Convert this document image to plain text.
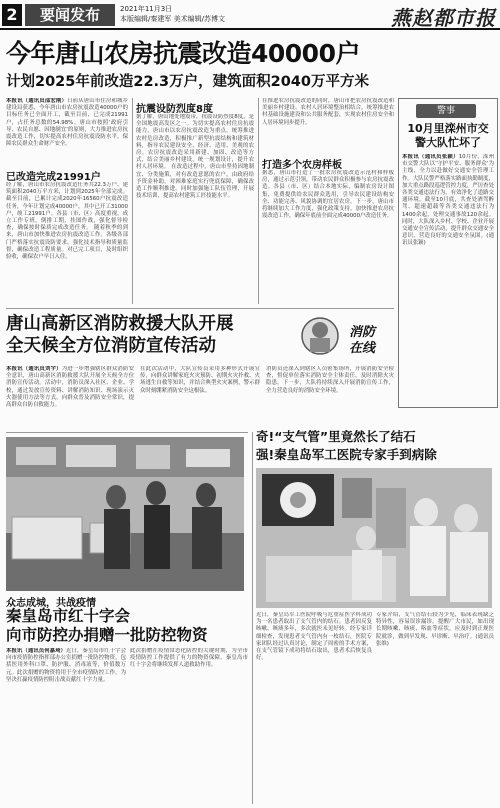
2	要闻发布	2021年11月3日
本版编辑/秦建军 美术编辑/苏博文	燕赵都市报
今年唐山农房抗震改造40000户
计划2025年前改造22.3万户，建筑面积2040万平方米
本报讯（通讯员邵宏刚）日前从唐山市住房和城乡建设局获悉，今年唐山市农房抗震改造40000户的目标任务已全面开工，截至目前，已完成21991户，占任务总数的54.98%。唐山市按照‘政府引导、农民自愿、因地制宜’的原则，大力推进农房抗震改造工作，切实提高农村住房抗震设防水平，保障农民群众生命财产安全。
已改造完成21991户
经了解，唐山市农房抗震改造任务共22.3万户，建筑面积2040万平方米，计划到2025年全部完成。截至目前，已累计完成2020年16560户抗震改造任务，今年计划完成40000户，其中已开工31000户，竣工21991户。各县（市、区）高度重视，成立工作专班，倒排工期，挂图作战，强化督导检查，确保按时保质完成改造任务。 随着秋季的到来，唐山市加快推进农房抗震改造工作。各级各部门严格落实抗震设防要求，强化技术指导和质量监督，确保改造工程质量。对已完工项目，及时组织验收，确保农户早日入住。
抗震设防烈度8度
据了解，唐山地处地震带，抗震设防烈度8度，是全国地震高发区之一。为切实提高农村住房抗震能力，唐山市以农房抗震改造为重点，统筹推进农村危房改造，积极推广新型抗震结构和建筑材料，指导农民建设安全、经济、适用、美观的农房。农房抗震改造采用新建、加固、改造等方式，结合美丽乡村建设，统一规划设计，提升农村人居环境。 在改造过程中，唐山市坚持因地制宜、分类施策，对有改造意愿的农户，由政府给予资金补助，对困难家庭实行兜底保障，确保改造工作顺利推进。同时加强施工队伍管理，开展技术培训，提高农村建筑工匠技能水平。
在推进农房抗震改造的同时，唐山市把农房抗震改造和美丽乡村建设、农村人居环境整治相结合，统筹推进农村基础设施建设和公共服务配套，实现农村住房安全和人居环境同步提升。
打造多个农房样板
据悉，唐山市打造了一批农房抗震改造示范村和样板房，通过示范引领，带动农民群众积极参与农房抗震改造。各县（市、区）结合本地实际，编制农房设计图集，免费提供给农民群众选用，引导农民建设结构安全、功能完善、风貌协调的宜居农房。下一步，唐山市将继续加大工作力度，强化政策支持，加快推进农房抗震改造工作，确保年底前全面完成40000户改造任务。
警事
10月里滦州市交警大队忙坏了
本报讯（通讯员张颖）10月份，滦州市交警大队以‘守护平安、服务群众’为主线，全力以赴做好交通安全管理工作。大队民警严格落实路面执勤制度，加大重点路段巡逻管控力度，严厉查处各类交通违法行为，有效净化了道路交通环境。截至10月底，共查处酒驾醉驾、超速超载等各类交通违法行为1400余起，处理交通事故120余起。同时，大队深入乡村、学校、企业开展交通安全宣传活动，提升群众交通安全意识，营造良好的交通安全氛围。(通讯员张颖)
唐山高新区消防救援大队开展
全天候全方位消防宣传活动
消防
在线
本报讯（通讯员刘宇）为进一步增强辖区群众消防安全意识，唐山高新区消防救援大队开展全天候全方位消防宣传活动。活动中，消防员深入社区、企业、学校，通过发放宣传资料、讲解消防知识、现场演示灭火器使用方法等方式，向群众普及消防安全常识，提高群众自防自救能力。
在此次活动中，大队宣传员采用多种形式开展宣传，向群众讲解家庭火灾预防、初期火灾扑救、火场逃生自救等知识，并结合典型火灾案例，警示群众时刻绷紧消防安全这根弦。
消防员还深入到辖区人员密集场所，开展消防安全检查，督促单位落实消防安全主体责任，及时消除火灾隐患。下一步，大队将持续深入开展消防宣传工作，全力营造良好的消防安全环境。
众志成城，共战疫情
秦皇岛市红十字会
向市防控办捐赠一批防控物资
本报讯（通讯员何嘉琦）近日，秦皇岛市红十字会向市疫情防控指挥部办公室捐赠一批防控物资，包括医用外科口罩、防护服、消毒液等，价值数万元。此次捐赠的物资将用于全市疫情防控工作，为坚决打赢疫情防控阻击战贡献红十字力量。
此次捐赠在疫情常态化防控的关键时期，为全市疫情防控工作提供了有力的物资保障，秦皇岛市红十字会将继续发挥人道救助作用。
奇!“支气管”里竟然长了结石
强!秦皇岛军工医院专家手到病除
近日，秦皇岛军工医院呼吸与危重症医学科成功为一名患者取出了支气管内的结石。患者因反复咳嗽、咳痰多年，多次就医未见好转。经专家详细检查，发现患者支气管内有一枚结石，医院专家团队经过认真讨论，制定了周密的手术方案，在支气管镜下成功将结石取出，患者术后恢复良好。
专家介绍，支气管结石较为少见，临床表现缺乏特异性，容易误诊漏诊。提醒广大市民，如出现长期咳嗽、咳痰、咯血等症状，应及时到正规医院就诊，做到早发现、早诊断、早治疗。(通讯员张维)
